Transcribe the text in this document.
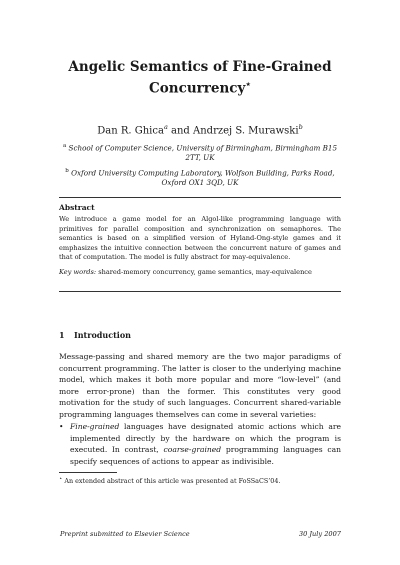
Angelic Semantics of Fine-Grained
Concurrency⋆
Dan R. Ghica$^a$ and Andrzej S. Murawski$^b$
$^a$ School of Computer Science, University of Birmingham, Birmingham B15 2TT, UK
$^b$ Oxford University Computing Laboratory, Wolfson Building, Parks Road, Oxford OX1 3QD, UK
Abstract
We introduce a game model for an Algol-like programming language with primitives for parallel composition and synchronization on semaphores. The semantics is based on a simplified version of Hyland-Ong-style games and it emphasizes the intuitive connection between the concurrent nature of games and that of computation. The model is fully abstract for may-equivalence.
Key words: shared-memory concurrency, game semantics, may-equivalence
1 Introduction
Message-passing and shared memory are the two major paradigms of concurrent programming. The latter is closer to the underlying machine model, which makes it both more popular and more “low-level” (and more error-prone) than the former. This constitutes very good motivation for the study of such languages. Concurrent shared-variable programming languages themselves can come in several varieties:
• Fine-grained languages have designated atomic actions which are implemented directly by the hardware on which the program is executed. In contrast, coarse-grained programming languages can specify sequences of actions to appear as indivisible.
⋆ An extended abstract of this article was presented at FoSSaCS’04.
Preprint submitted to Elsevier Science	30 July 2007
